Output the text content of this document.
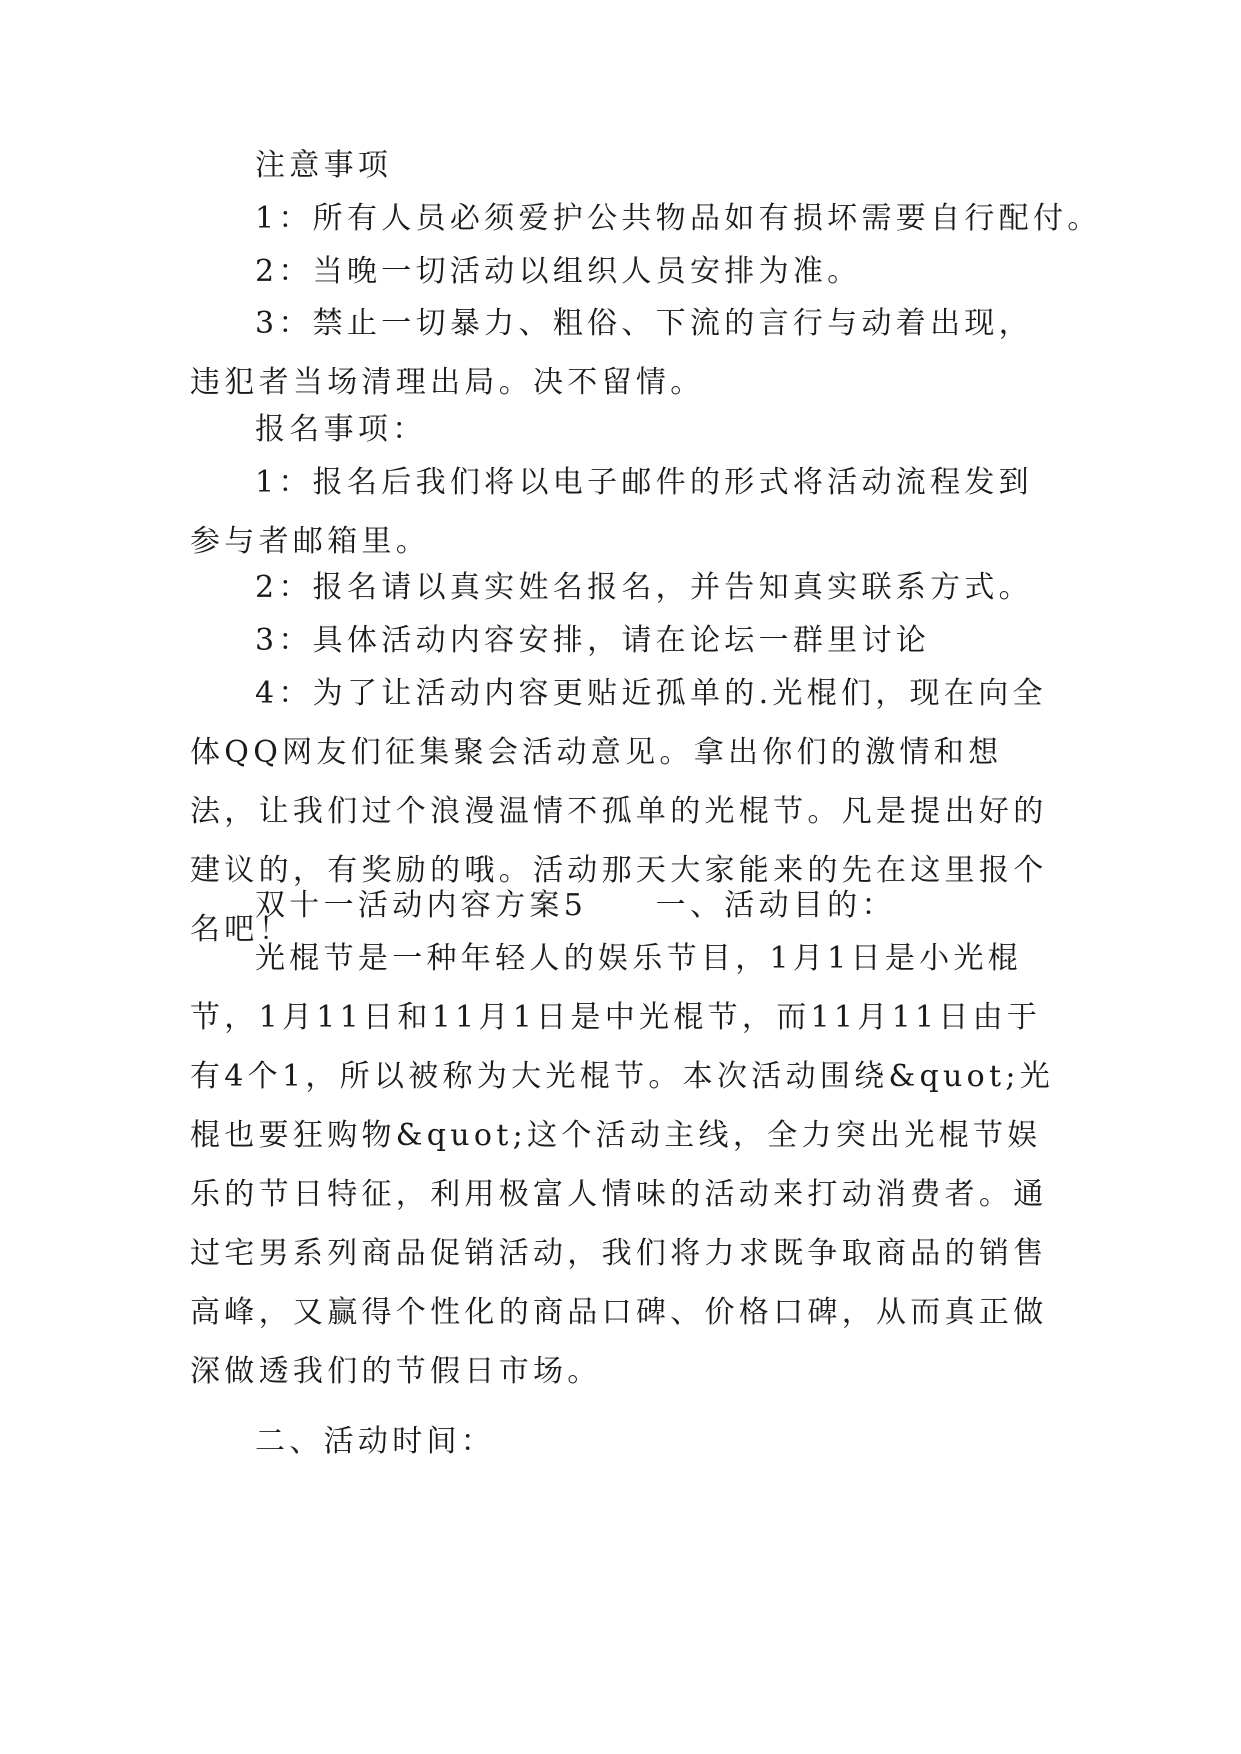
注意事项

1：所有人员必须爱护公共物品如有损坏需要自行配付。

2：当晚一切活动以组织人员安排为准。

3：禁止一切暴力、粗俗、下流的言行与动着出现，违犯者当场清理出局。决不留情。

报名事项：

1：报名后我们将以电子邮件的形式将活动流程发到参与者邮箱里。

2：报名请以真实姓名报名，并告知真实联系方式。

3：具体活动内容安排，请在论坛一群里讨论

4：为了让活动内容更贴近孤单的.光棍们，现在向全体QQ网友们征集聚会活动意见。拿出你们的激情和想法，让我们过个浪漫温情不孤单的光棍节。凡是提出好的建议的，有奖励的哦。活动那天大家能来的先在这里报个名吧！

双十一活动内容方案5　　一、活动目的：

光棍节是一种年轻人的娱乐节目，1月1日是小光棍节，1月11日和11月1日是中光棍节，而11月11日由于有4个1，所以被称为大光棍节。本次活动围绕&quot;光棍也要狂购物&quot;这个活动主线，全力突出光棍节娱乐的节日特征，利用极富人情味的活动来打动消费者。通过宅男系列商品促销活动，我们将力求既争取商品的销售高峰，又赢得个性化的商品口碑、价格口碑，从而真正做深做透我们的节假日市场。

二、活动时间：
